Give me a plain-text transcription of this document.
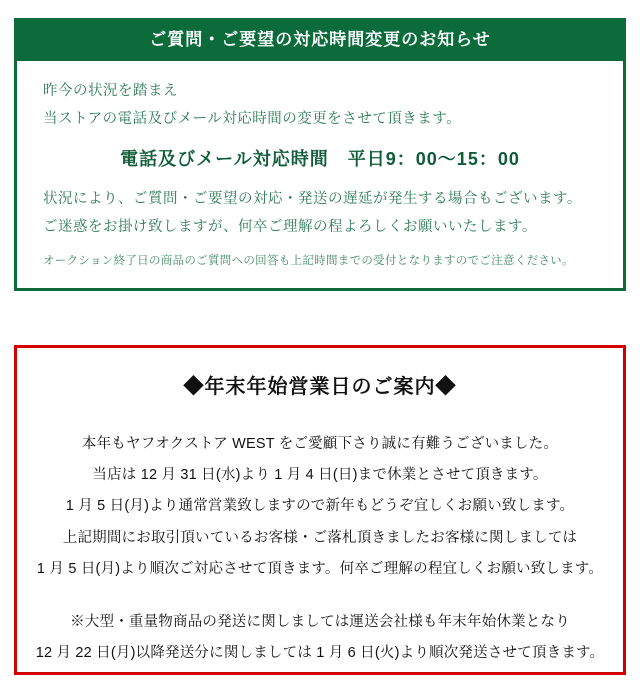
ご質問・ご要望の対応時間変更のお知らせ
昨今の状況を踏まえ
当ストアの電話及びメール対応時間の変更をさせて頂きます。
電話及びメール対応時間　平日9：00〜15：00
状況により、ご質問・ご要望の対応・発送の遅延が発生する場合もございます。
ご迷惑をお掛け致しますが、何卒ご理解の程よろしくお願いいたします。
オークション終了日の商品のご質問への回答も上記時間までの受付となりますのでご注意ください。
◆年末年始営業日のご案内◆
本年もヤフオクストア WEST をご愛顧下さり誠に有難うございました。
当店は 12 月 31 日(水)より 1 月 4 日(日)まで休業とさせて頂きます。
1 月 5 日(月)より通常営業致しますので新年もどうぞ宜しくお願い致します。
上記期間にお取引頂いているお客様・ご落札頂きましたお客様に関しましては
1 月 5 日(月)より順次ご対応させて頂きます。何卒ご理解の程宜しくお願い致します。
※大型・重量物商品の発送に関しましては運送会社様も年末年始休業となり
12 月 22 日(月)以降発送分に関しましては 1 月 6 日(火)より順次発送させて頂きます。
